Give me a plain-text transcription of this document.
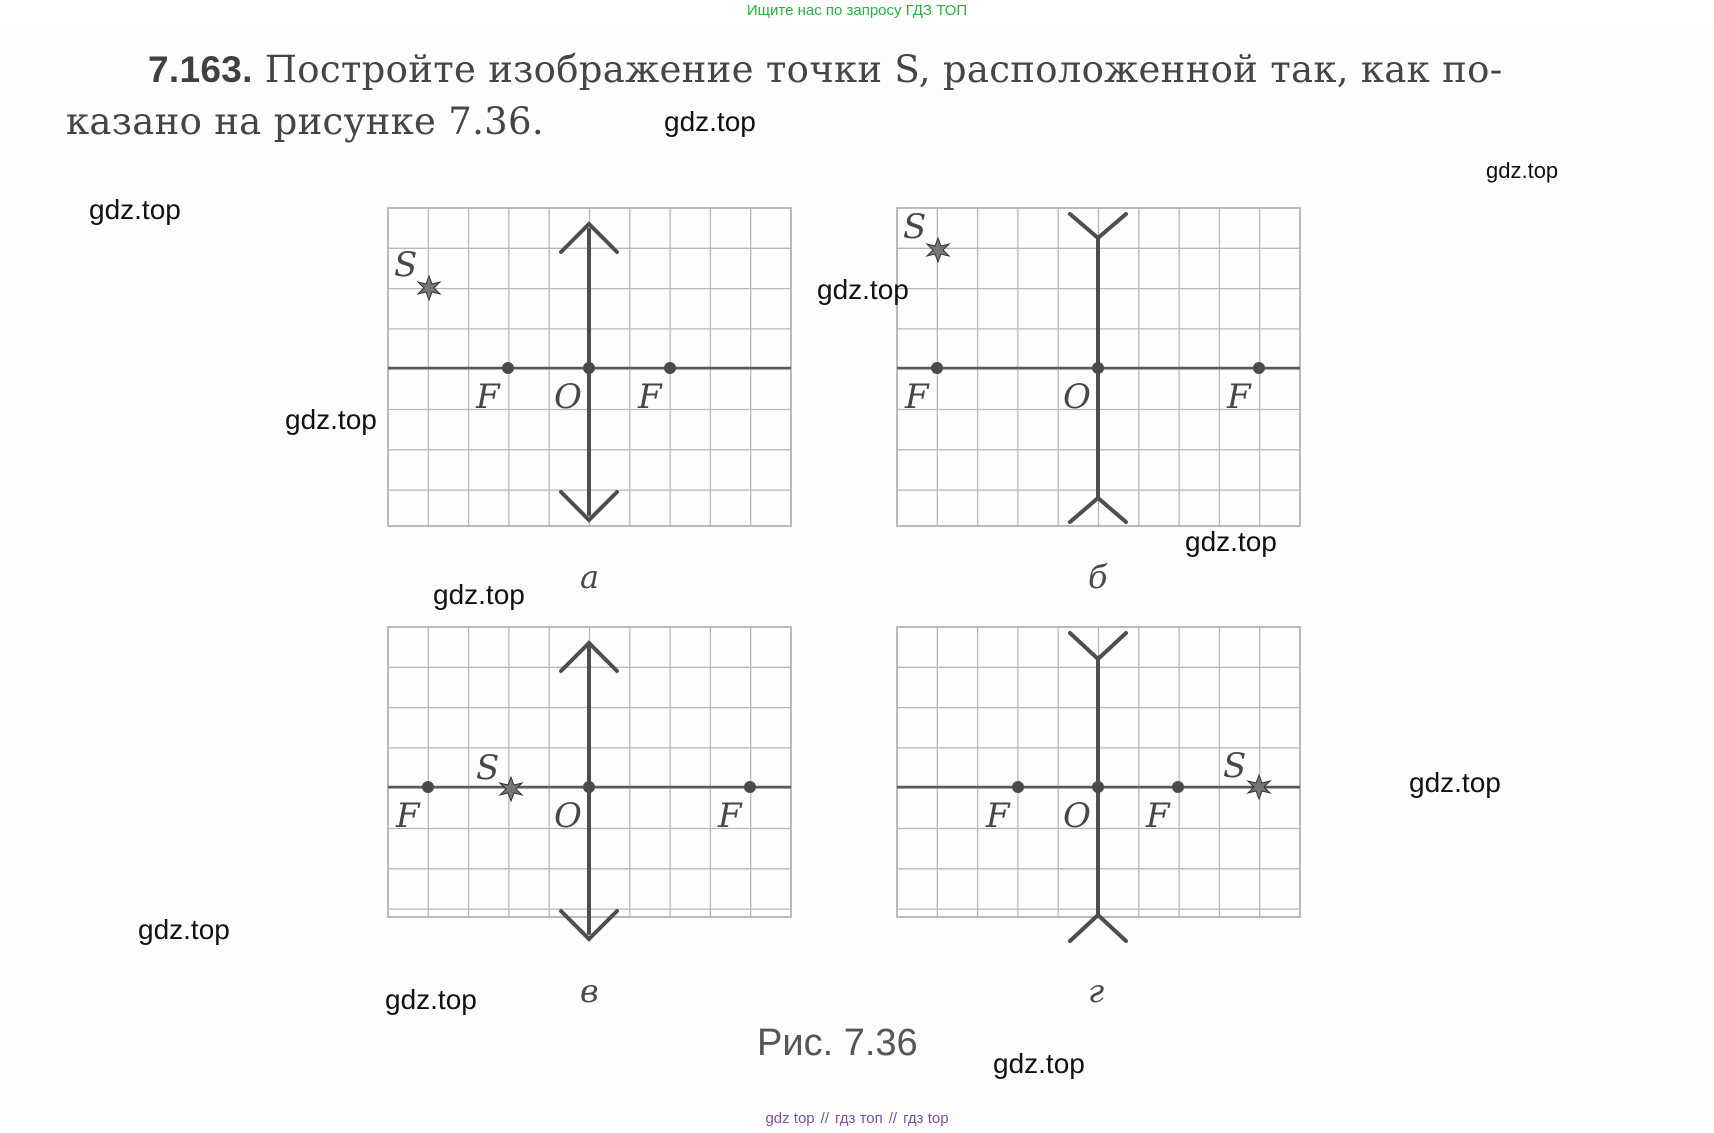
Ищите нас по запросу ГДЗ ТОП
7.163. Постройте изображение точки S, расположенной так, как по-
казано на рисунке 7.36.
S
F O F
а
S
F	O	F
б
S
F	O	F
в
S
F O F
г
Рис. 7.36
gdz.top
gdz.top
gdz.top
gdz.top
gdz.top
gdz.top
gdz.top
gdz.top
gdz.top
gdz.top
gdz.top
gdz top // гдз топ // гдз top
